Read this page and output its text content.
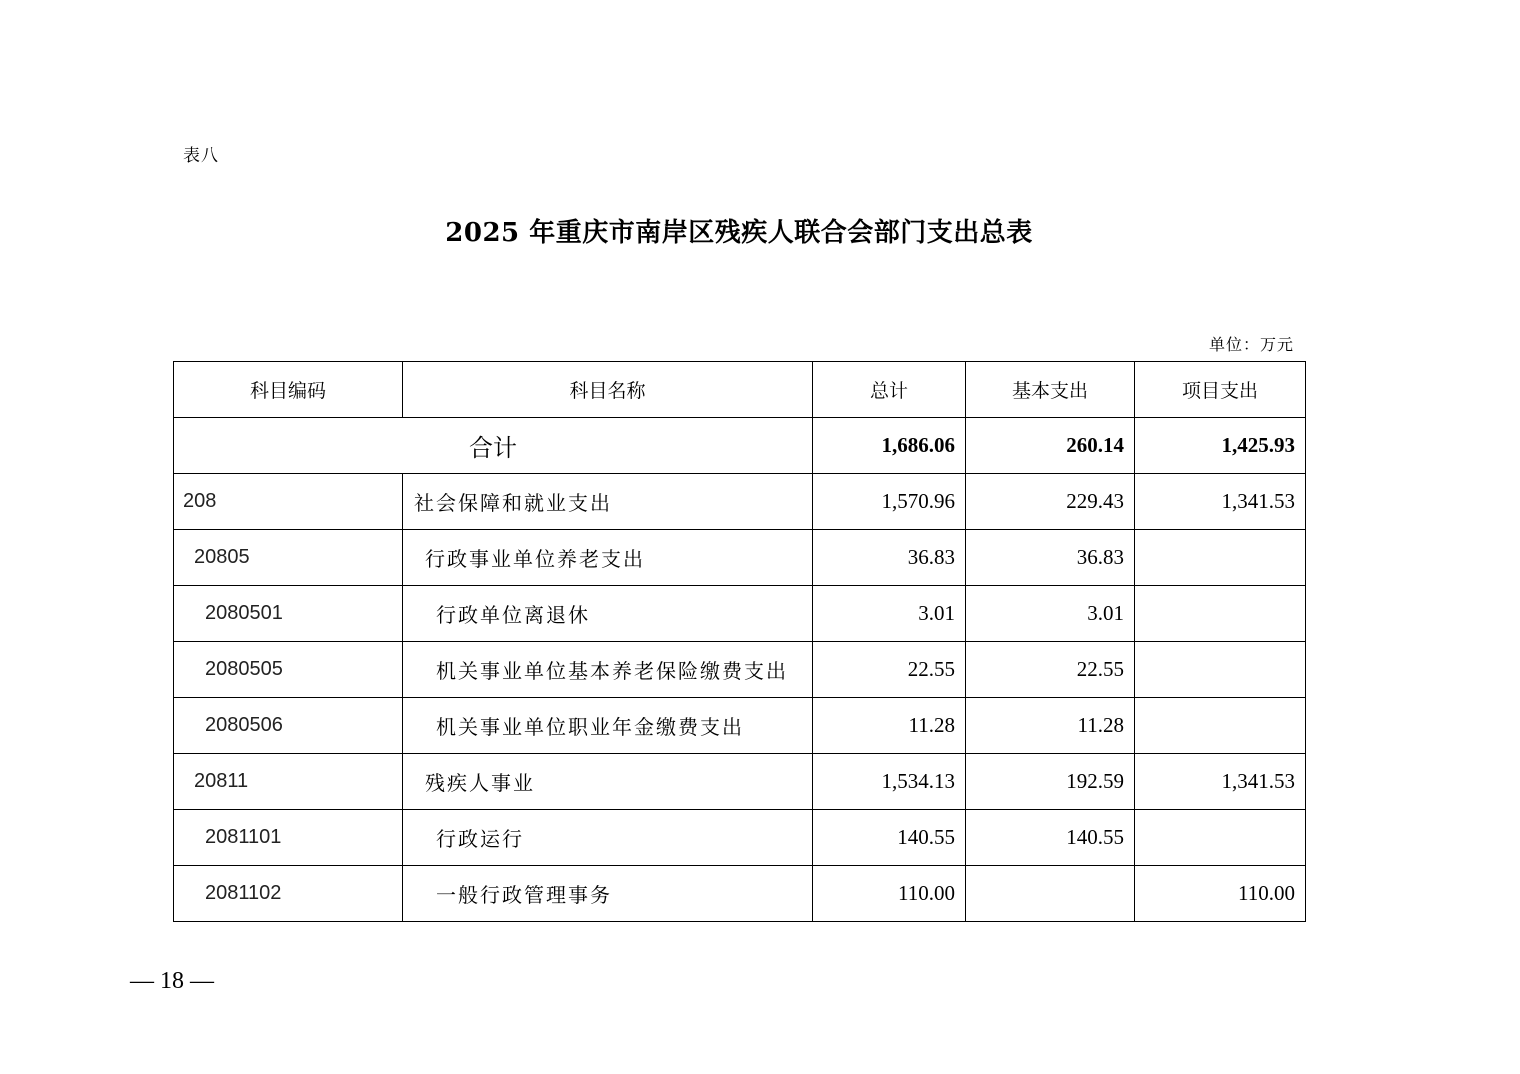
表八
2025 年重庆市南岸区残疾人联合会部门支出总表
单位：万元
科目编码	科目名称	总计	基本支出	项目支出
合计		1,686.06	260.14	1,425.93
208	社会保障和就业支出	1,570.96	229.43	1,341.53
20805	行政事业单位养老支出	36.83	36.83	
2080501	行政单位离退休	3.01	3.01	
2080505	机关事业单位基本养老保险缴费支出	22.55	22.55	
2080506	机关事业单位职业年金缴费支出	11.28	11.28	
20811	残疾人事业	1,534.13	192.59	1,341.53
2081101	行政运行	140.55	140.55	
2081102	一般行政管理事务	110.00		110.00
— 18 —
